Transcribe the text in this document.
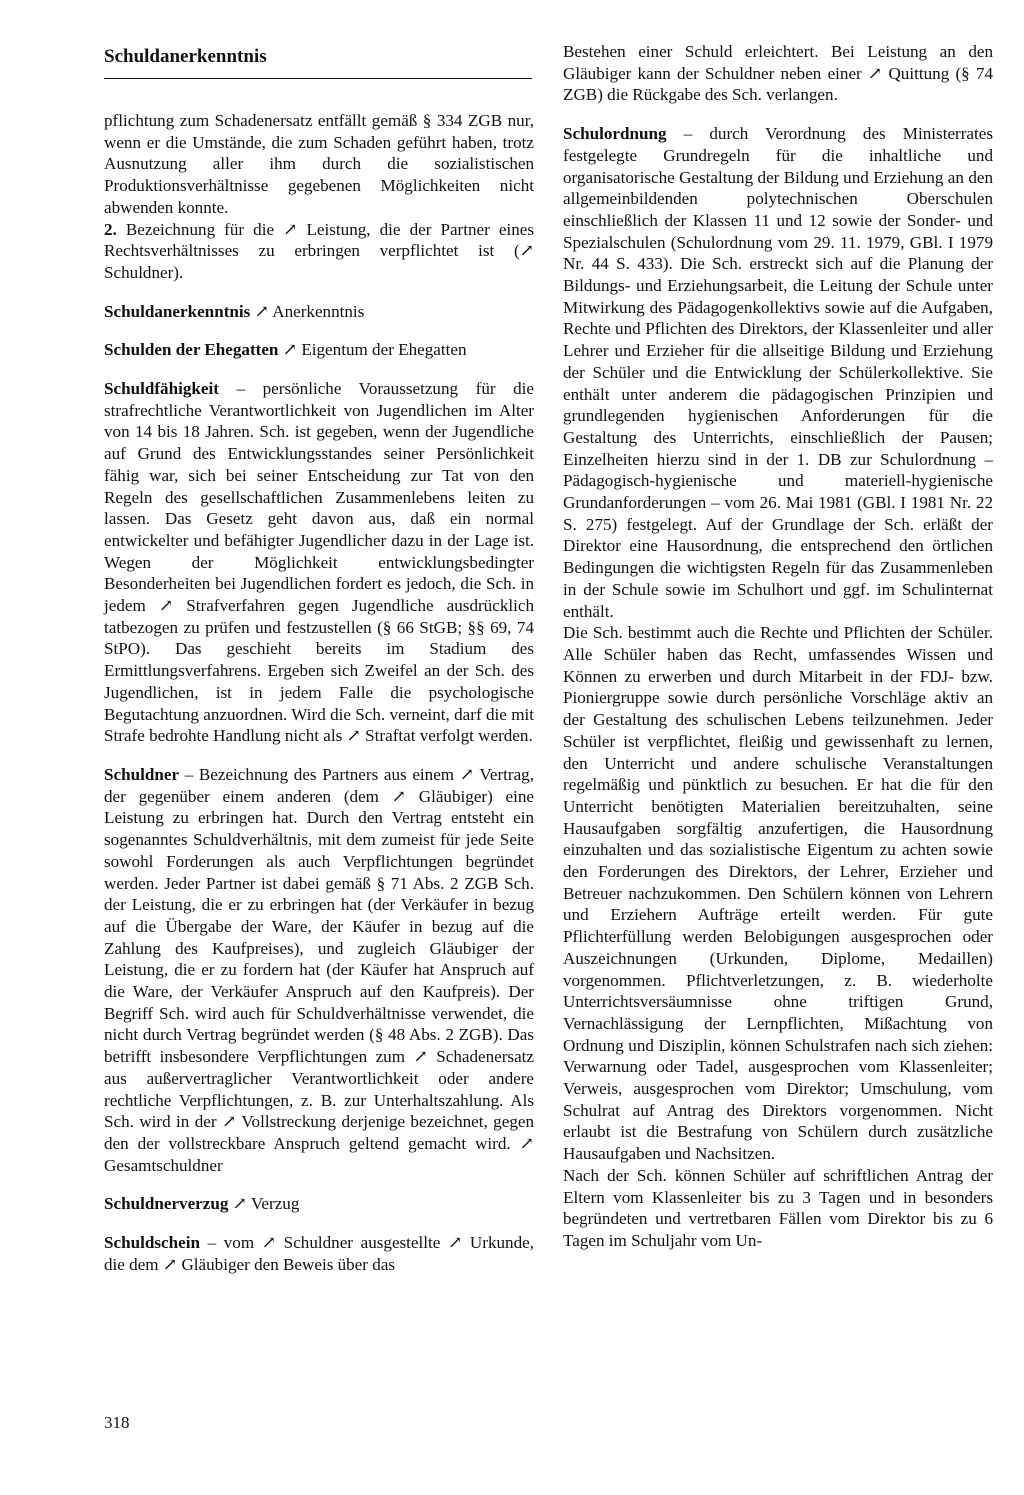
Schuldanerkenntnis

pflichtung zum Schadenersatz entfällt gemäß § 334 ZGB nur, wenn er die Umstände, die zum Schaden geführt haben, trotz Ausnutzung aller ihm durch die sozialistischen Produktionsverhältnisse gegebenen Möglichkeiten nicht abwenden konnte.

2. Bezeichnung für die ↗ Leistung, die der Partner eines Rechtsverhältnisses zu erbringen verpflichtet ist (↗ Schuldner).

Schuldanerkenntnis ↗ Anerkenntnis

Schulden der Ehegatten ↗ Eigentum der Ehegatten

Schuldfähigkeit – persönliche Voraussetzung für die strafrechtliche Verantwortlichkeit von Jugendlichen im Alter von 14 bis 18 Jahren. Sch. ist gegeben, wenn der Jugendliche auf Grund des Entwicklungsstandes seiner Persönlichkeit fähig war, sich bei seiner Entscheidung zur Tat von den Regeln des gesellschaftlichen Zusammenlebens leiten zu lassen. Das Gesetz geht davon aus, daß ein normal entwickelter und befähigter Jugendlicher dazu in der Lage ist. Wegen der Möglichkeit entwicklungsbedingter Besonderheiten bei Jugendlichen fordert es jedoch, die Sch. in jedem ↗ Strafverfahren gegen Jugendliche ausdrücklich tatbezogen zu prüfen und festzustellen (§ 66 StGB; §§ 69, 74 StPO). Das geschieht bereits im Stadium des Ermittlungsverfahrens. Ergeben sich Zweifel an der Sch. des Jugendlichen, ist in jedem Falle die psychologische Begutachtung anzuordnen. Wird die Sch. verneint, darf die mit Strafe bedrohte Handlung nicht als ↗ Straftat verfolgt werden.

Schuldner – Bezeichnung des Partners aus einem ↗ Vertrag, der gegenüber einem anderen (dem ↗ Gläubiger) eine Leistung zu erbringen hat. Durch den Vertrag entsteht ein sogenanntes Schuldverhältnis, mit dem zumeist für jede Seite sowohl Forderungen als auch Verpflichtungen begründet werden. Jeder Partner ist dabei gemäß § 71 Abs. 2 ZGB Sch. der Leistung, die er zu erbringen hat (der Verkäufer in bezug auf die Übergabe der Ware, der Käufer in bezug auf die Zahlung des Kaufpreises), und zugleich Gläubiger der Leistung, die er zu fordern hat (der Käufer hat Anspruch auf die Ware, der Verkäufer Anspruch auf den Kaufpreis). Der Begriff Sch. wird auch für Schuldverhältnisse verwendet, die nicht durch Vertrag begründet werden (§ 48 Abs. 2 ZGB). Das betrifft insbesondere Verpflichtungen zum ↗ Schadenersatz aus außervertraglicher Verantwortlichkeit oder andere rechtliche Verpflichtungen, z. B. zur Unterhaltszahlung. Als Sch. wird in der ↗ Vollstreckung derjenige bezeichnet, gegen den der vollstreckbare Anspruch geltend gemacht wird. ↗ Gesamtschuldner

Schuldnerverzug ↗ Verzug

Schuldschein – vom ↗ Schuldner ausgestellte ↗ Urkunde, die dem ↗ Gläubiger den Beweis über das

Bestehen einer Schuld erleichtert. Bei Leistung an den Gläubiger kann der Schuldner neben einer ↗ Quittung (§ 74 ZGB) die Rückgabe des Sch. verlangen.

Schulordnung – durch Verordnung des Ministerrates festgelegte Grundregeln für die inhaltliche und organisatorische Gestaltung der Bildung und Erziehung an den allgemeinbildenden polytechnischen Oberschulen einschließlich der Klassen 11 und 12 sowie der Sonder- und Spezialschulen (Schulordnung vom 29. 11. 1979, GBl. I 1979 Nr. 44 S. 433). Die Sch. erstreckt sich auf die Planung der Bildungs- und Erziehungsarbeit, die Leitung der Schule unter Mitwirkung des Pädagogenkollektivs sowie auf die Aufgaben, Rechte und Pflichten des Direktors, der Klassenleiter und aller Lehrer und Erzieher für die allseitige Bildung und Erziehung der Schüler und die Entwicklung der Schülerkollektive. Sie enthält unter anderem die pädagogischen Prinzipien und grundlegenden hygienischen Anforderungen für die Gestaltung des Unterrichts, einschließlich der Pausen; Einzelheiten hierzu sind in der 1. DB zur Schulordnung – Pädagogisch-hygienische und materiell-hygienische Grundanforderungen – vom 26. Mai 1981 (GBl. I 1981 Nr. 22 S. 275) festgelegt. Auf der Grundlage der Sch. erläßt der Direktor eine Hausordnung, die entsprechend den örtlichen Bedingungen die wichtigsten Regeln für das Zusammenleben in der Schule sowie im Schulhort und ggf. im Schulinternat enthält.

Die Sch. bestimmt auch die Rechte und Pflichten der Schüler. Alle Schüler haben das Recht, umfassendes Wissen und Können zu erwerben und durch Mitarbeit in der FDJ- bzw. Pioniergruppe sowie durch persönliche Vorschläge aktiv an der Gestaltung des schulischen Lebens teilzunehmen. Jeder Schüler ist verpflichtet, fleißig und gewissenhaft zu lernen, den Unterricht und andere schulische Veranstaltungen regelmäßig und pünktlich zu besuchen. Er hat die für den Unterricht benötigten Materialien bereitzuhalten, seine Hausaufgaben sorgfältig anzufertigen, die Hausordnung einzuhalten und das sozialistische Eigentum zu achten sowie den Forderungen des Direktors, der Lehrer, Erzieher und Betreuer nachzukommen. Den Schülern können von Lehrern und Erziehern Aufträge erteilt werden. Für gute Pflichterfüllung werden Belobigungen ausgesprochen oder Auszeichnungen (Urkunden, Diplome, Medaillen) vorgenommen. Pflichtverletzungen, z. B. wiederholte Unterrichtsversäumnisse ohne triftigen Grund, Vernachlässigung der Lernpflichten, Mißachtung von Ordnung und Disziplin, können Schulstrafen nach sich ziehen: Verwarnung oder Tadel, ausgesprochen vom Klassenleiter; Verweis, ausgesprochen vom Direktor; Umschulung, vom Schulrat auf Antrag des Direktors vorgenommen. Nicht erlaubt ist die Bestrafung von Schülern durch zusätzliche Hausaufgaben und Nachsitzen.

Nach der Sch. können Schüler auf schriftlichen Antrag der Eltern vom Klassenleiter bis zu 3 Tagen und in besonders begründeten und vertretbaren Fällen vom Direktor bis zu 6 Tagen im Schuljahr vom Un-

318
